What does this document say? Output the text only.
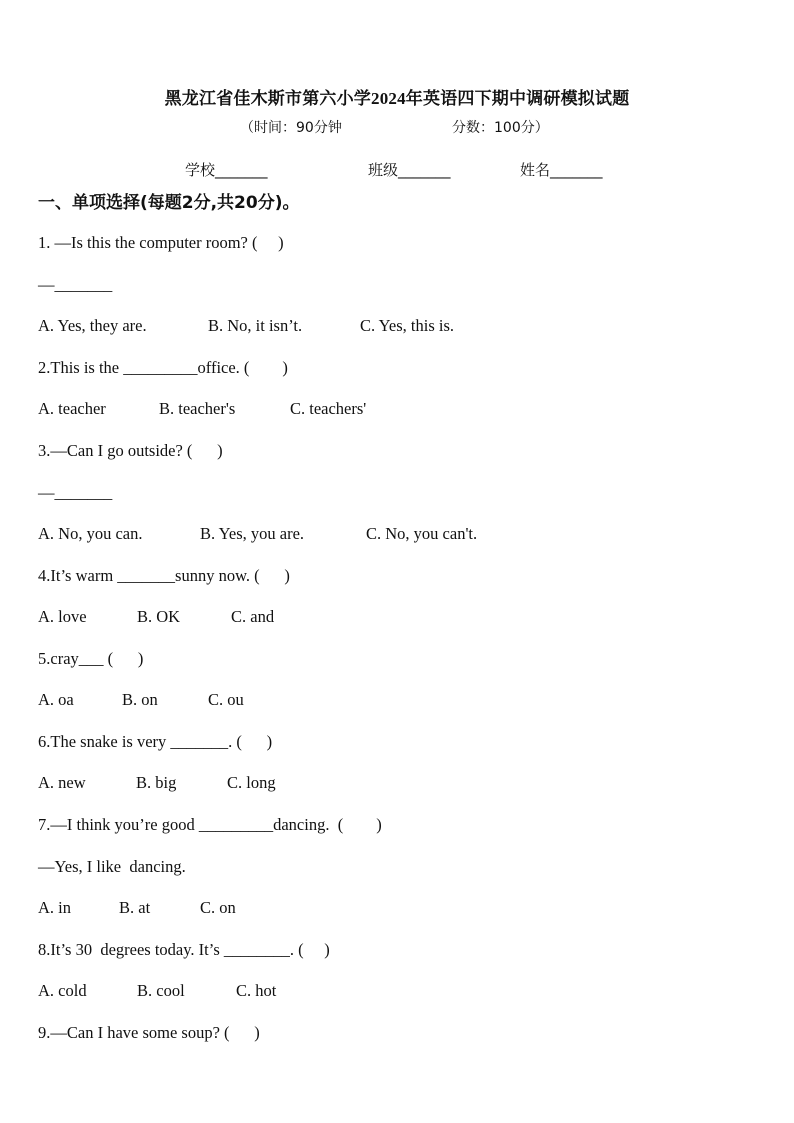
黑龙江省佳木斯市第六小学2024年英语四下期中调研模拟试题
（时间：90分钟	分数：100分）
学校_______	班级_______	姓名_______
一、单项选择(每题2分,共20分)。
1. —Is this the computer room? (     )
—_______
A. Yes, they are.	B. No, it isn’t.	C. Yes, this is.
2.This is the _________office. (        )
A. teacher	B. teacher's	C. teachers'
3.—Can I go outside? (      )
—_______
A. No, you can.	B. Yes, you are.	C. No, you can't.
4.It’s warm _______sunny now. (      )
A. love	B. OK	C. and
5.cray___ (      )
A. oa	B. on	C. ou
6.The snake is very _______. (      )
A. new	B. big	C. long
7.—I think you’re good _________dancing.  (        )
—Yes, I like  dancing.
A. in	B. at	C. on
8.It’s 30  degrees today. It’s ________. (     )
A. cold	B. cool	C. hot
9.—Can I have some soup? (      )
